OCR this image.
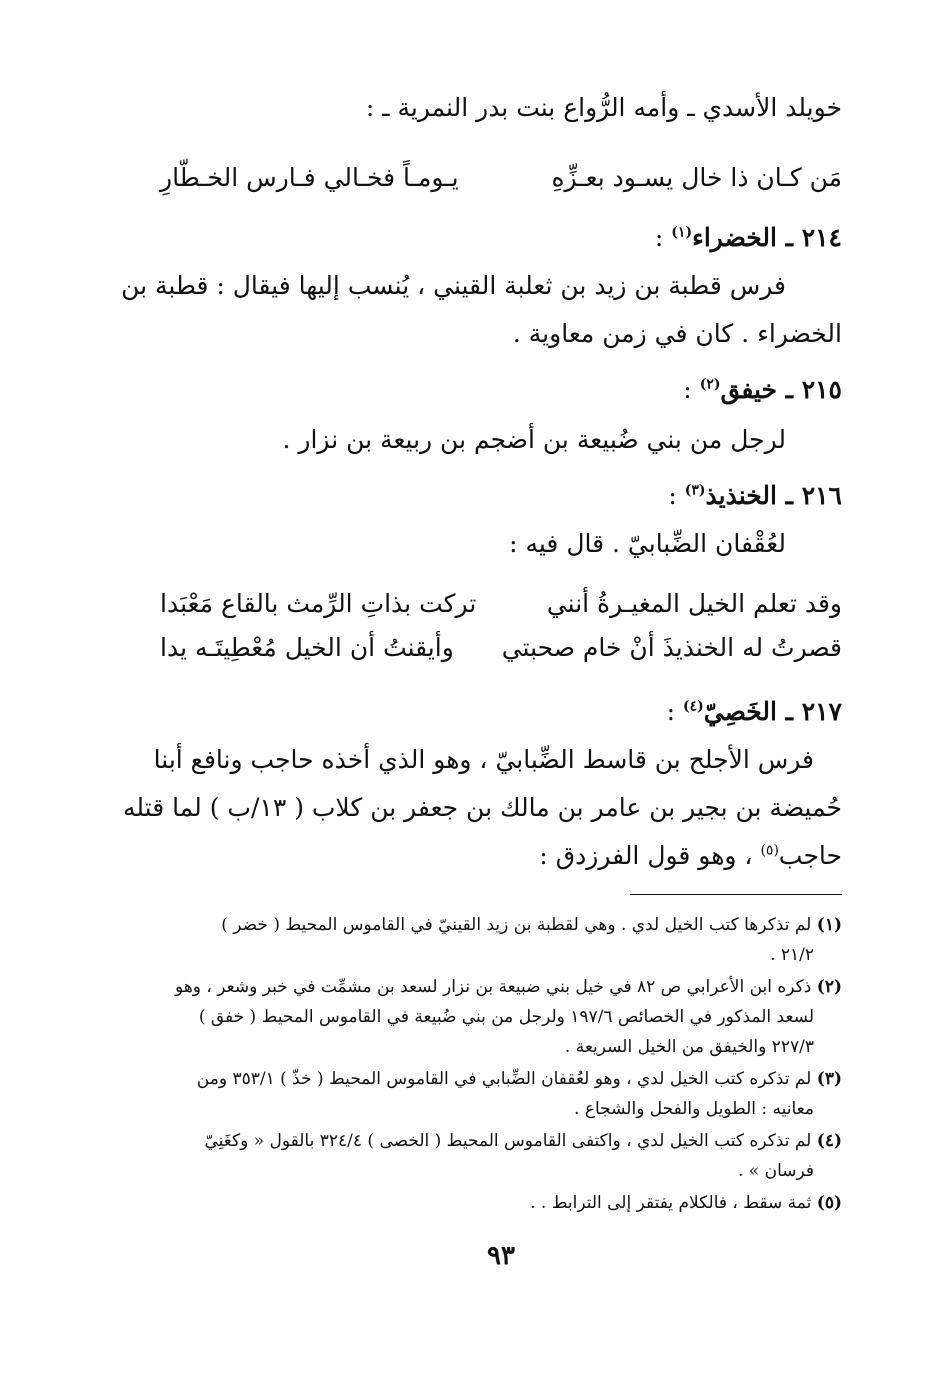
خويلد الأسدي ـ وأمه الرُّواع بنت بدر النمرية ـ :
مَن كـان ذا خال يسـود بعـزِّهِ
يـومـاً فخـالي فـارس الخـطّارِ
٢١٤ ـ الخضراء$^{(١)}$ :
فرس قطبة بن زيد بن ثعلبة القيني ، يُنسب إليها فيقال : قطبة بن
الخضراء . كان في زمن معاوية .
٢١٥ ـ خيفق$^{(٢)}$ :
لرجل من بني ضُبيعة بن أضجم بن ربيعة بن نزار .
٢١٦ ـ الخنذيذ$^{(٣)}$ :
لعُقْفان الضِّبابيّ . قال فيه :
وقد تعلم الخيل المغيـرةُ أنني
تركت بذاتِ الرِّمث بالقاع مَعْبَدا
قصرتُ له الخنذيذَ أنْ خام صحبتي
وأيقنتُ أن الخيل مُعْطِيتَـه يدا
٢١٧ ـ الخَصِيّ$^{(٤)}$ :
فرس الأجلح بن قاسط الضِّبابيّ ، وهو الذي أخذه حاجب ونافع أبنا
حُميضة بن بجير بن عامر بن مالك بن جعفر بن كلاب ( ١٣/ب ) لما قتله
حاجب$^{(٥)}$ ، وهو قول الفرزدق :
(١) لم تذكرها كتب الخيل لدي . وهي لقطبة بن زيد القينيّ في القاموس المحيط ( خضر )
٢١/٢ .
(٢) ذكره ابن الأعرابي ص ٨٢ في خيل بني ضبيعة بن نزار لسعد بن مشمِّت في خبر وشعر ، وهو
لسعد المذكور في الخصائص ١٩٧/٦ ولرجل من بني ضُبيعة في القاموس المحيط ( خفق )
٢٢٧/٣ والخيفق من الخيل السريعة .
(٣) لم تذكره كتب الخيل لدي ، وهو لعُقفان الضِّبابي في القاموس المحيط ( خذّ ) ٣٥٣/١ ومن
معانيه : الطويل والفحل والشجاع .
(٤) لم تذكره كتب الخيل لدي ، واكتفى القاموس المحيط ( الخصى ) ٣٢٤/٤ بالقول « وكغَنِيّ
فرسان » .
(٥) ثمة سقط ، فالكلام يفتقر إلى الترابط . .
٩٣
